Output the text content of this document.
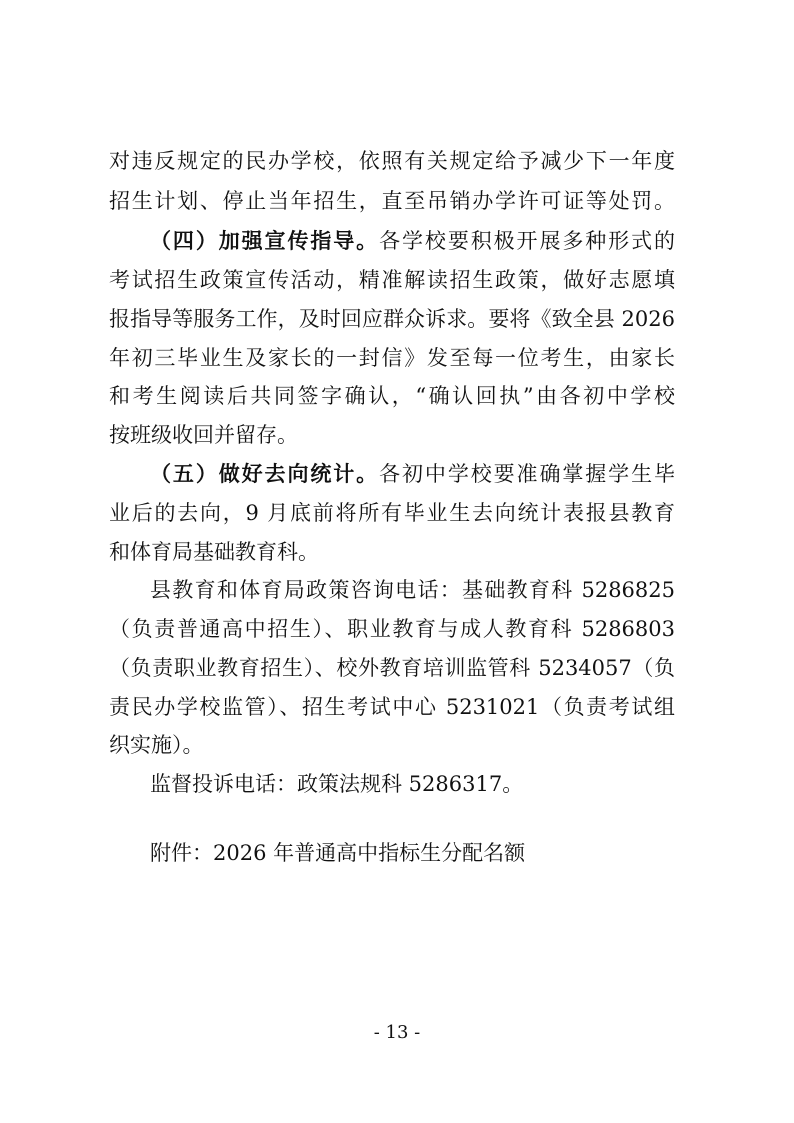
对违反规定的民办学校，依照有关规定给予减少下一年度
招生计划、停止当年招生，直至吊销办学许可证等处罚。
（四）加强宣传指导。各学校要积极开展多种形式的
考试招生政策宣传活动，精准解读招生政策，做好志愿填
报指导等服务工作，及时回应群众诉求。要将《致全县 2026
年初三毕业生及家长的一封信》发至每一位考生，由家长
和考生阅读后共同签字确认，“确认回执”由各初中学校
按班级收回并留存。
（五）做好去向统计。各初中学校要准确掌握学生毕
业后的去向，9 月底前将所有毕业生去向统计表报县教育
和体育局基础教育科。
县教育和体育局政策咨询电话：基础教育科 5286825
（负责普通高中招生）、职业教育与成人教育科 5286803
（负责职业教育招生）、校外教育培训监管科 5234057（负
责民办学校监管）、招生考试中心 5231021（负责考试组
织实施）。
监督投诉电话：政策法规科 5286317。
附件：2026 年普通高中指标生分配名额
- 13 -
